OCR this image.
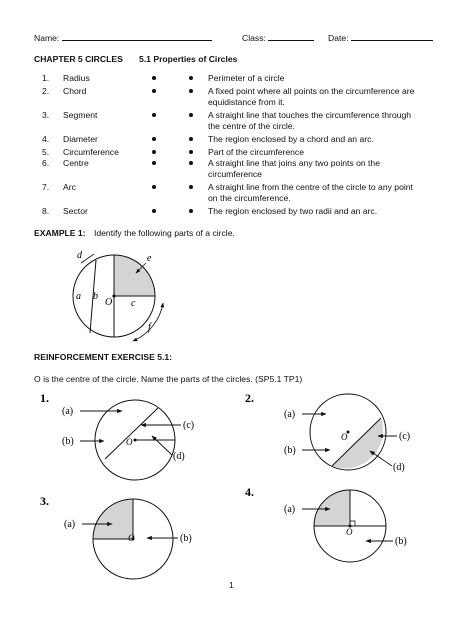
Name:	Class:	Date:
CHAPTER 5 CIRCLES 5.1 Properties of Circles
1. Radius	Perimeter of a circle
2. Chord	A fixed point where all points on the circumference are
equidistance from it.
3. Segment	A straight line that touches the circumference through
the centre of the circle.
4. Diameter	The region enclosed by a chord and an arc.
5. Circumference	Part of the circumference
6. Centre	A straight line that joins any two points on the
circumference
7. Arc	A straight line from the centre of the circle to any point
on the circumference.
8. Sector	The region enclosed by two radii and an arc.
EXAMPLE 1: Identify the following parts of a circle.
REINFORCEMENT EXERCISE 5.1:
O is the centre of the circle. Name the parts of the circles. (SP5.1 TP1)
1
d	e
a b
O c
f
1.
O
(a)
(b)
(c)
(d)
2.
O
(a)
(b)
(c)
(d)
3.
O
(a)
(b)
4.
O
(a)
(b)
